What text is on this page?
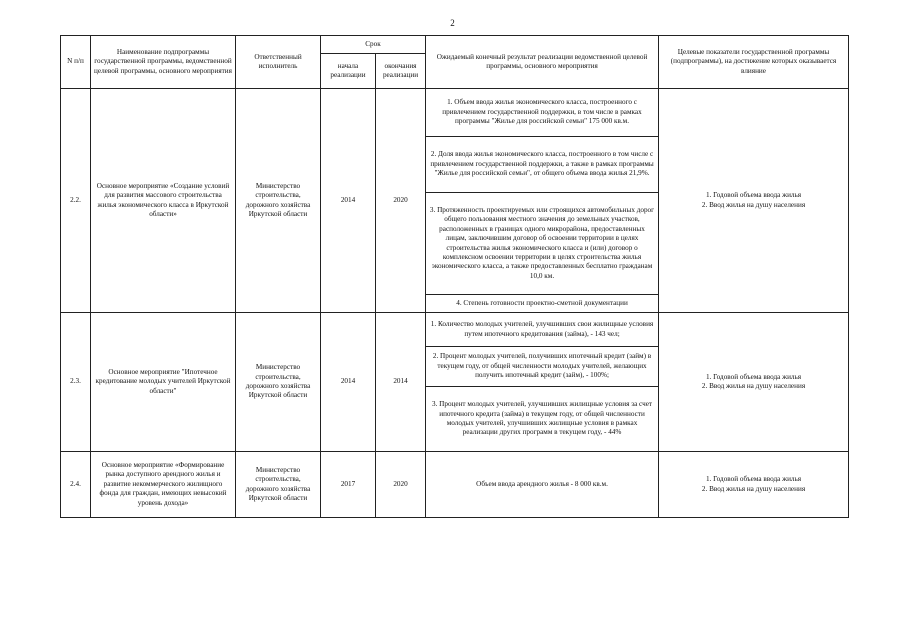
2
N п/п	Наименование подпрограммы государственной программы, ведомственной целевой программы, основного мероприятия	Ответственный исполнитель	Срок		Ожидаемый конечный результат реализации ведомственной целевой программы, основного мероприятия	Целевые показатели государственной программы (подпрограммы), на достижение которых оказывается влияние
			начала реализации	окончания реализации		
2.2.	Основное мероприятие «Создание условий для развития массового строительства жилья экономического класса в Иркутской области»	Министерство строительства, дорожного хозяйства Иркутской области	2014	2020	1. Объем ввода жилья экономического класса, построенного с привлечением государственной поддержки, в том числе в рамках программы "Жилье для российской семьи" 175 000 кв.м.	1. Годовой объема ввода жилья
2. Ввод жилья на душу населения

					2. Доля ввода жилья экономического класса, построенного в том числе с привлечением государственной поддержки, а также в рамках программы "Жилье для российской семьи", от общего объема ввода жилья 21,9%.	
					3. Протяженность проектируемых или строящихся автомобильных дорог общего пользования местного значения до земельных участков, расположенных в границах одного микрорайона, предоставленных лицам, заключившим договор об освоении территории в целях строительства жилья экономического класса и (или) договор о комплексном освоении территории в целях строительства жилья экономического класса, а также предоставленных бесплатно гражданам 10,0 км.	
					4. Степень готовности проектно-сметной документации	
2.3.	Основное мероприятие "Ипотечное кредитование молодых учителей Иркутской области"	Министерство строительства, дорожного хозяйства Иркутской области	2014	2014	1. Количество молодых учителей, улучшивших свои жилищные условия путем ипотечного кредитования (займа), - 143 чел;	1. Годовой объема ввода жилья
2. Ввод жилья на душу населения

					2. Процент молодых учителей, получивших ипотечный кредит (займ) в текущем году, от общей численности молодых учителей, желающих получить ипотечный кредит (займ), - 100%;	
					3. Процент молодых учителей, улучшивших жилищные условия за счет ипотечного кредита (займа) в текущем году, от общей численности молодых учителей, улучшивших жилищные условия в рамках реализации других программ в текущем году, - 44%	
2.4.	Основное мероприятие «Формирование рынка доступного арендного жилья и развитие некоммерческого жилищного фонда для граждан, имеющих невысокий уровень дохода»	Министерство строительства, дорожного хозяйства Иркутской области	2017	2020	Объем ввода арендного жилья - 8 000 кв.м.	1. Годовой объема ввода жилья
2. Ввод жилья на душу населения
